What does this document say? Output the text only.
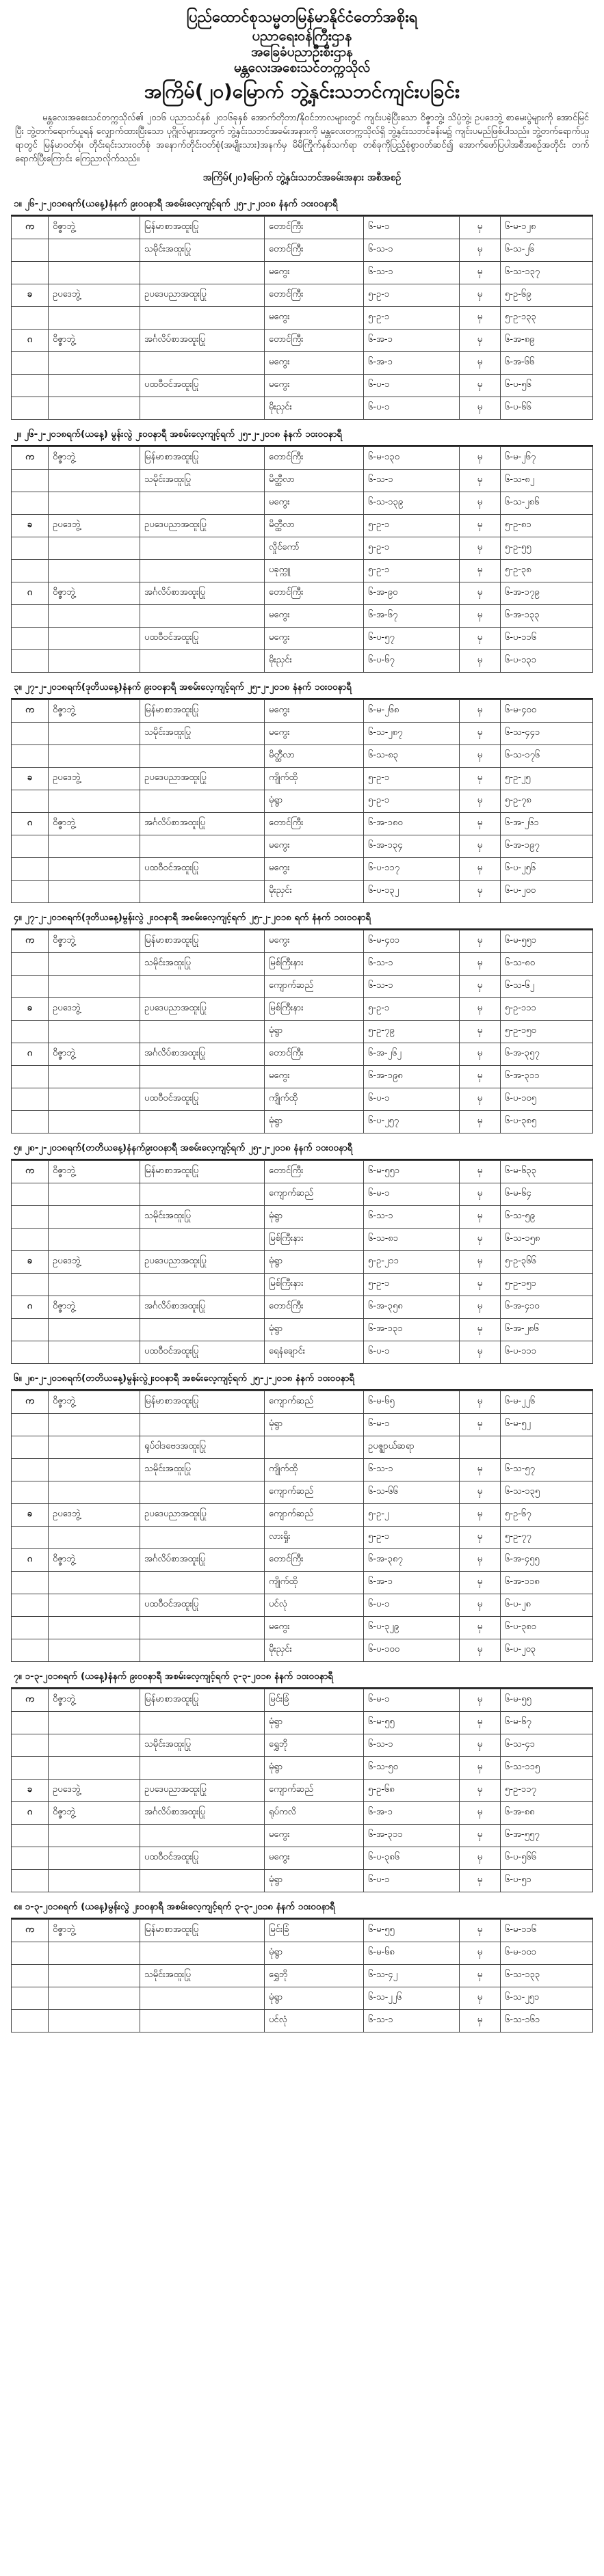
ပြည်ထောင်စုသမ္မတမြန်မာနိုင်ငံတော်အစိုးရ
ပညာရေးဝန်ကြီးဌာန
အခြေခံပညာဦးစီးဌာန
မန္တလေးအစေးသင်တက္ကသိုလ်
အကြိမ်(၂၀)မြောက် ဘွဲ့နှင်းသဘင်ကျင်းပခြင်း

မန္တလေးအစေးသင်တက္ကသိုလ်၏ ၂၀၁၆ ပညာသင်နှစ် ၂၀၁၆ခုနှစ် အောက်တိုဘာ/နိုဝင်ဘာလများတွင် ကျင်းပခဲ့ပြီးသော ဝိဇ္ဇာဘွဲ့၊ သိပ္ပံဘွဲ့၊ ဥပဒေဘွဲ့ စာမေးပွဲများကို အောင်မြင်ပြီး ဘွဲ့တက်ရောက်ယူရန် လျှောက်ထားပြီးသော ပုဂ္ဂိုလ်များအတွက် ဘွဲ့နှင်းသဘင်အခမ်းအနားကို မန္တလေးတက္ကသိုလ်ရှိ ဘွဲ့နှင်းသဘင်ခန်းမ၌ ကျင်းပမည်ဖြစ်ပါသည်။ ဘွဲ့တက်ရောက်ယူရာတွင် မြန်မာဝတ်စုံ၊ တိုင်းရင်းသားဝတ်စုံ အနောက်တိုင်းဝတ်စုံ(အမျိုးသား)အနက်မှ မိမိကြိုက်နှစ်သက်ရာ တစ်ခုကိုပြည့်စုံစွာဝတ်ဆင်၍ အောက်ဖော်ပြပါအစီအစဉ်အတိုင်း တက်ရောက်ပြီးကြောင်း ကြေညာလိုက်သည်။

အကြိမ်(၂၀)မြောက် ဘွဲ့နှင်းသဘင်အခမ်းအနား အစီအစဉ်
၁။ ၂၆-၂-၂၀၁၈ရက်(ယနေ့)နံနက် ၉း၀၀နာရီ အစမ်းလေ့ကျင့်ရက် ၂၅-၂-၂၀၁၈ နံနက် ၁၀း၀၀နာရီ
က	ဝိဇ္ဇာဘွဲ့	မြန်မာစာအထူးပြု	တောင်ကြီး	၆-မ-၁	မှ	၆-မ-၁၂၈
		သမိုင်းအထူးပြု	တောင်ကြီး	၆-သ-၁	မှ	၆-သ-၂၆
			မကွေး	၆-သ-၁	မှ	၆-သ-၁၃၇
ခ	ဥပဒေဘွဲ့	ဥပဒေပညာအထူးပြု	တောင်ကြီး	၅-ဥ-၁	မှ	၅-ဥ-၆၉
			မကွေး	၅-ဥ-၁	မှ	၅-ဥ-၁၃၃
ဂ	ဝိဇ္ဇာဘွဲ့	အင်္ဂလိပ်စာအထူးပြု	တောင်ကြီး	၆-အ-၁	မှ	၆-အ-၈၉
			မကွေး	၆-အ-၁	မှ	၆-အ-၆၆
		ပထဝီဝင်အထူးပြု	မကွေး	၆-ပ-၁	မှ	၆-ပ-၅၆
			မိုးညှင်း	၆-ပ-၁	မှ	၆-ပ-၆၆
၂။ ၂၆-၂-၂၀၁၈ရက်(ယနေ့) မွန်းလွဲ ၂း၀၀နာရီ အစမ်းလေ့ကျင့်ရက် ၂၅-၂-၂၀၁၈ နံနက် ၁၀း၀၀နာရီ
က	ဝိဇ္ဇာဘွဲ့	မြန်မာစာအထူးပြု	တောင်ကြီး	၆-မ-၁၃၀	မှ	၆-မ-၂၆၇
		သမိုင်းအထူးပြု	မိတ္ထီလာ	၆-သ-၁	မှ	၆-သ-၈၂
			မကွေး	၆-သ-၁၃၉	မှ	၆-သ-၂၈၆
ခ	ဥပဒေဘွဲ့	ဥပဒေပညာအထူးပြု	မိတ္ထီလာ	၅-ဥ-၁	မှ	၅-ဥ-၈၁
			လှိုင်ကော်	၅-ဥ-၁	မှ	၅-ဥ-၅၅
			ပခုက္ကူ	၅-ဥ-၁	မှ	၅-ဥ-၃၈
ဂ	ဝိဇ္ဇာဘွဲ့	အင်္ဂလိပ်စာအထူးပြု	တောင်ကြီး	၆-အ-၉၀	မှ	၆-အ-၁၇၉
			မကွေး	၆-အ-၆၇	မှ	၆-အ-၁၃၃
		ပထဝီဝင်အထူးပြု	မကွေး	၆-ပ-၅၇	မှ	၆-ပ-၁၁၆
			မိုးညှင်း	၆-ပ-၆၇	မှ	၆-ပ-၁၃၁
၃။ ၂၇-၂-၂၀၁၈ရက်(ဒုတိယနေ့)နံနက် ၉း၀၀နာရီ အစမ်းလေ့ကျင့်ရက် ၂၅-၂-၂၀၁၈ နံနက် ၁၀း၀၀နာရီ
က	ဝိဇ္ဇာဘွဲ့	မြန်မာစာအထူးပြု	မကွေး	၆-မ-၂၆၈	မှ	၆-မ-၄၀၀
		သမိုင်းအထူးပြု	မကွေး	၆-သ-၂၈၇	မှ	၆-သ-၄၄၁
			မိတ္ထီလာ	၆-သ-၈၃	မှ	၆-သ-၁၇၆
ခ	ဥပဒေဘွဲ့	ဥပဒေပညာအထူးပြု	ကျိုက်ထို	၅-ဥ-၁	မှ	၅-ဥ-၂၅
			မုံရွာ	၅-ဥ-၁	မှ	၅-ဥ-၇၈
ဂ	ဝိဇ္ဇာဘွဲ့	အင်္ဂလိပ်စာအထူးပြု	တောင်ကြီး	၆-အ-၁၈၀	မှ	၆-အ-၂၆၁
			မကွေး	၆-အ-၁၃၄	မှ	၆-အ-၁၉၇
		ပထဝီဝင်အထူးပြု	မကွေး	၆-ပ-၁၁၇	မှ	၆-ပ-၂၅၆
			မိုးညှင်း	၆-ပ-၁၃၂	မှ	၆-ပ-၂၀၀
၄။ ၂၇-၂-၂၀၁၈ရက်(ဒုတိယနေ့)မွန်းလွဲ ၂း၀၀နာရီ အစမ်းလေ့ကျင့်ရက် ၂၅-၂-၂၀၁၈ ရက် နံနက် ၁၀း၀၀နာရီ
က	ဝိဇ္ဇာဘွဲ့	မြန်မာစာအထူးပြု	မကွေး	၆-မ-၄၀၁	မှ	၆-မ-၅၅၁
		သမိုင်းအထူးပြု	မြစ်ကြီးနား	၆-သ-၁	မှ	၆-သ-၈၀
			ကျောက်ဆည်	၆-သ-၁	မှ	၆-သ-၆၂
ခ	ဥပဒေဘွဲ့	ဥပဒေပညာအထူးပြု	မြစ်ကြီးနား	၅-ဥ-၁	မှ	၅-ဥ-၁၁၁
			မုံရွာ	၅-ဥ-၇၉	မှ	၅-ဥ-၁၅၀
ဂ	ဝိဇ္ဇာဘွဲ့	အင်္ဂလိပ်စာအထူးပြု	တောင်ကြီး	၆-အ-၂၆၂	မှ	၆-အ-၃၅၇
			မကွေး	၆-အ-၁၉၈	မှ	၆-အ-၃၁၁
		ပထဝီဝင်အထူးပြု	ကျိုက်ထို	၆-ပ-၁	မှ	၆-ပ-၁၀၅
			မုံရွာ	၆-ပ-၂၅၇	မှ	၆-ပ-၃၈၅
၅။ ၂၈-၂-၂၀၁၈ရက်(တတိယနေ့)နံနက်၉း၀၀နာရီ အစမ်းလေ့ကျင့်ရက် ၂၅-၂-၂၀၁၈ နံနက် ၁၀း၀၀နာရီ
က	ဝိဇ္ဇာဘွဲ့	မြန်မာစာအထူးပြု	တောင်ကြီး	၆-မ-၅၅၁	မှ	၆-မ-၆၃၃
			ကျောက်ဆည်	၆-မ-၁	မှ	၆-မ-၆၄
		သမိုင်းအထူးပြု	မုံရွာ	၆-သ-၁	မှ	၆-သ-၅၉
			မြစ်ကြီးနား	၆-သ-၈၁	မှ	၆-သ-၁၅၈
ခ	ဥပဒေဘွဲ့	ဥပဒေပညာအထူးပြု	မုံရွာ	၅-ဥ-၂၁၁	မှ	၅-ဥ-၃၆၆
			မြစ်ကြီးနား	၅-ဥ-၁	မှ	၅-ဥ-၁၅၁
ဂ	ဝိဇ္ဇာဘွဲ့	အင်္ဂလိပ်စာအထူးပြု	တောင်ကြီး	၆-အ-၃၅၈	မှ	၆-အ-၄၁၀
			မုံရွာ	၆-အ-၁၃၁	မှ	၆-အ-၂၈၆
		ပထဝီဝင်အထူးပြု	ရေနံချောင်း	၆-ပ-၁	မှ	၆-ပ-၁၁၁
၆။ ၂၈-၂-၂၀၁၈ရက်(တတိယနေ့)မွန်းလွဲ၂း၀၀နာရီ အစမ်းလေ့ကျင့်ရက် ၂၅-၂-၂၀၁၈ နံနက် ၁၀း၀၀နာရီ
က	ဝိဇ္ဇာဘွဲ့	မြန်မာစာအထူးပြု	ကျောက်ဆည်	၆-မ-၆၅	မှ	၆-မ-၂၂၆
			မုံရွာ	၆-မ-၁	မှ	၆-မ-၅၂
		ရုပ်ဝါဒဗေဒအထူးပြု		ဥပဇ္ဈာယ်ဆရာ		
		သမိုင်းအထူးပြု	ကျိုက်ထို	၆-သ-၁	မှ	၆-သ-၅၇
			ကျောက်ဆည်	၆-သ-၆၆	မှ	၆-သ-၁၃၅
ခ	ဥပဒေဘွဲ့	ဥပဒေပညာအထူးပြု	ကျောက်ဆည်	၅-ဥ-၂	မှ	၅-ဥ-၆၇
			လားရှိုး	၅-ဥ-၁	မှ	၅-ဥ-၇၇
ဂ	ဝိဇ္ဇာဘွဲ့	အင်္ဂလိပ်စာအထူးပြု	တောင်ကြီး	၆-အ-၃၈၇	မှ	၆-အ-၄၅၅
			ကျိုက်ထို	၆-အ-၁	မှ	၆-အ-၁၁၈
		ပထဝီဝင်အထူးပြု	ပင်လုံ	၆-ပ-၁	မှ	၆-ပ-၂၈
			မကွေး	၆-ပ-၃၂၉	မှ	၆-ပ-၃၈၁
			မိုးညှင်း	၆-ပ-၁၀၀	မှ	၆-ပ-၂၀၃
၇။ ၁-၃-၂၀၁၈ရက် (ယနေ့)နံနက် ၉း၀၀နာရီ အစမ်းလေ့ကျင့်ရက် ၃-၃-၂၀၁၈ နံနက် ၁၀း၀၀နာရီ
က	ဝိဇ္ဇာဘွဲ့	မြန်မာစာအထူးပြု	မြင်းခြံ	၆-မ-၁	မှ	၆-မ-၅၅
			မုံရွာ	၆-မ-၅၅	မှ	၆-မ-၆၇
		သမိုင်းအထူးပြု	ရွှေဘို	၆-သ-၁	မှ	၆-သ-၄၁
			မုံရွာ	၆-သ-၅၀	မှ	၆-သ-၁၁၅
ခ	ဥပဒေဘွဲ့	ဥပဒေပညာအထူးပြု	ကျောက်ဆည်	၅-ဥ-၆၈	မှ	၅-ဥ-၁၁၇
ဂ	ဝိဇ္ဇာဘွဲ့	အင်္ဂလိပ်စာအထူးပြု	ရုပ်ကလိ	၆-အ-၁	မှ	၆-အ-၈၈
			မကွေး	၆-အ-၃၁၁	မှ	၆-အ-၅၅၇
		ပထဝီဝင်အထူးပြု	မကွေး	၆-ပ-၃၈၆	မှ	၆-ပ-၅၆၆
			မုံရွာ	၆-ပ-၁	မှ	၆-ပ-၅၁
၈။ ၁-၃-၂၀၁၈ရက် (ယနေ့)မွန်းလွဲ ၂း၀၀နာရီ အစမ်းလေ့ကျင့်ရက် ၃-၃-၂၀၁၈ နံနက် ၁၀း၀၀နာရီ
က	ဝိဇ္ဇာဘွဲ့	မြန်မာစာအထူးပြု	မြင်းခြံ	၆-မ-၅၅	မှ	၆-မ-၁၁၆
			မုံရွာ	၆-မ-၆၈	မှ	၆-မ-၁၀၁
		သမိုင်းအထူးပြု	ရွှေဘို	၆-သ-၄၂	မှ	၆-သ-၁၃၃
			မုံရွာ	၆-သ-၂၂၆	မှ	၆-သ-၂၅၁
			ပင်လုံ	၆-သ-၁	မှ	၆-သ-၁၆၁
